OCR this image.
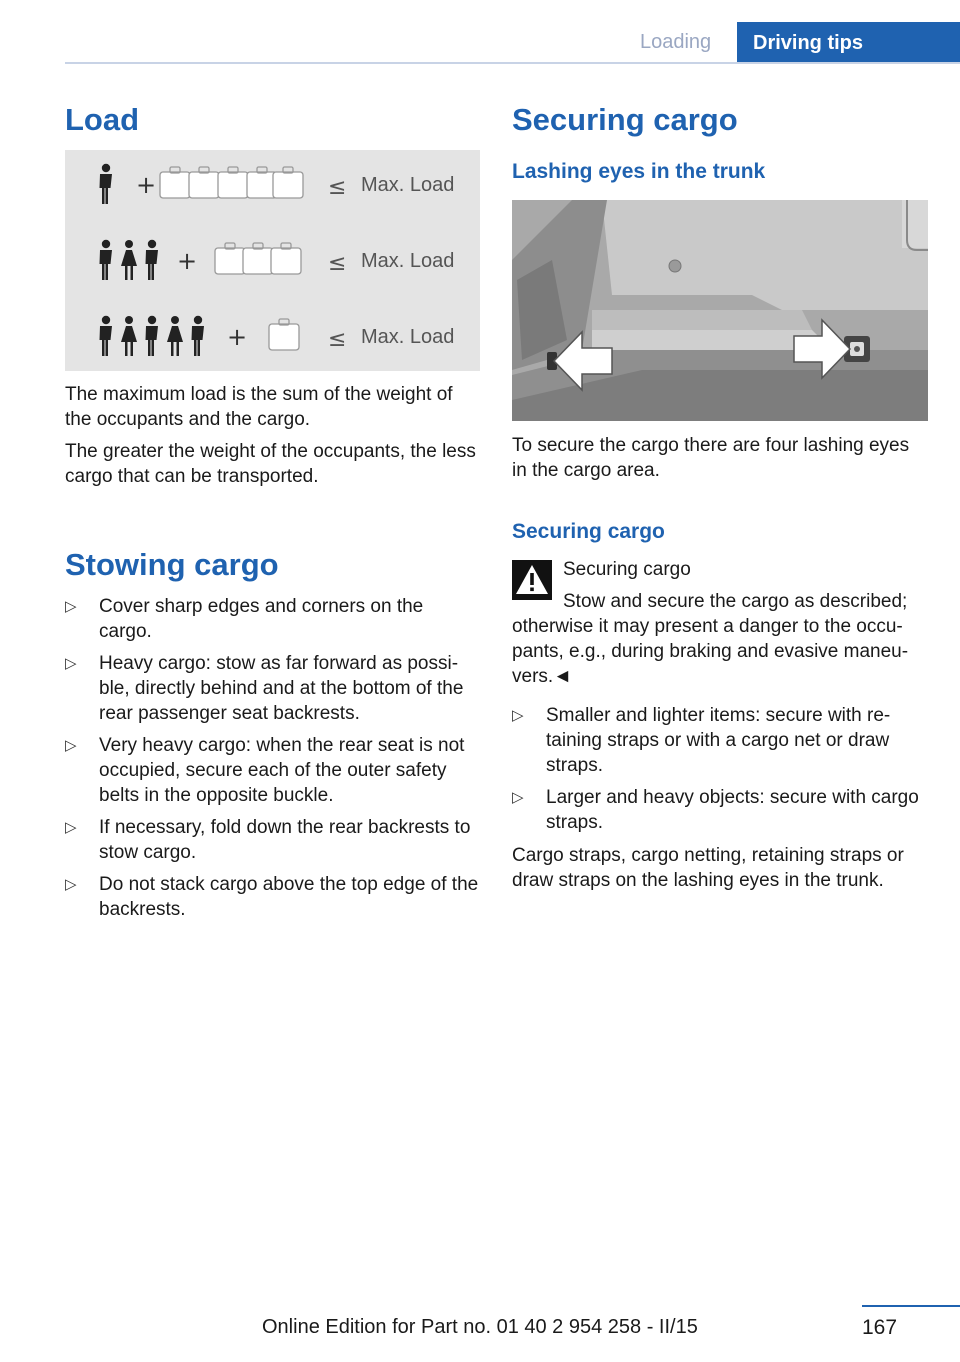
Loading	Driving tips
Load
+	≤ Max. Load
+	≤ Max. Load
+	≤ Max. Load
The maximum load is the sum of the weight of the occupants and the cargo.
The greater the weight of the occupants, the less cargo that can be transported.
Stowing cargo
▷ Cover sharp edges and corners on the cargo.
▷ Heavy cargo: stow as far forward as possi‐ble, directly behind and at the bottom of the rear passenger seat backrests.
▷ Very heavy cargo: when the rear seat is not occupied, secure each of the outer safety belts in the opposite buckle.
▷ If necessary, fold down the rear backrests to stow cargo.
▷ Do not stack cargo above the top edge of the backrests.
Securing cargo
Lashing eyes in the trunk
To secure the cargo there are four lashing eyes in the cargo area.
Securing cargo
Securing cargo
Stow and secure the cargo as described; otherwise it may present a danger to the occu‐pants, e.g., during braking and evasive maneu‐vers.◄
▷ Smaller and lighter items: secure with re‐taining straps or with a cargo net or draw straps.
▷ Larger and heavy objects: secure with cargo straps.
Cargo straps, cargo netting, retaining straps or draw straps on the lashing eyes in the trunk.
167
Online Edition for Part no. 01 40 2 954 258 - II/15
